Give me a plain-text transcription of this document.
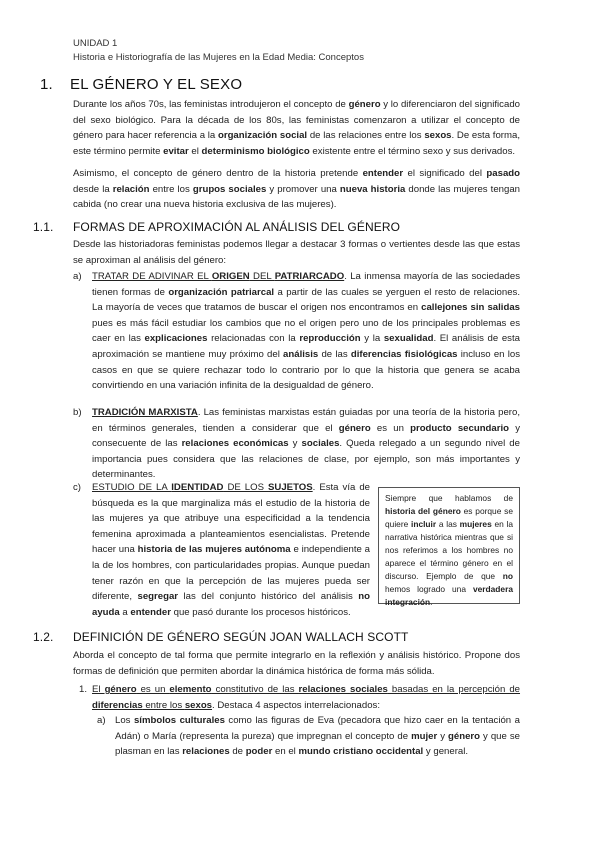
UNIDAD 1
Historia e Historiografía de las Mujeres en la Edad Media: Conceptos
1. EL GÉNERO Y EL SEXO
Durante los años 70s, las feministas introdujeron el concepto de género y lo diferenciaron del significado del sexo biológico. Para la década de los 80s, las feministas comenzaron a utilizar el concepto de género para hacer referencia a la organización social de las relaciones entre los sexos. De esta forma, este término permite evitar el determinismo biológico existente entre el término sexo y sus derivados.
Asimismo, el concepto de género dentro de la historia pretende entender el significado del pasado desde la relación entre los grupos sociales y promover una nueva historia donde las mujeres tengan cabida (no crear una nueva historia exclusiva de las mujeres).
1.1. FORMAS DE APROXIMACIÓN AL ANÁLISIS DEL GÉNERO
Desde las historiadoras feministas podemos llegar a destacar 3 formas o vertientes desde las que estas se aproximan al análisis del género:
a) TRATAR DE ADIVINAR EL ORIGEN DEL PATRIARCADO. La inmensa mayoría de las sociedades tienen formas de organización patriarcal a partir de las cuales se yerguen el resto de relaciones. La mayoría de veces que tratamos de buscar el origen nos encontramos en callejones sin salidas pues es más fácil estudiar los cambios que no el origen pero uno de los principales problemas es caer en las explicaciones relacionadas con la reproducción y la sexualidad. El análisis de esta aproximación se mantiene muy próximo del análisis de las diferencias fisiológicas incluso en los casos en que se quiere rechazar todo lo contrario por lo que la historia que genera se acaba convirtiendo en una variación infinita de la desigualdad de género.
b) TRADICIÓN MARXISTA. Las feministas marxistas están guiadas por una teoría de la historia pero, en términos generales, tienden a considerar que el género es un producto secundario y consecuente de las relaciones económicas y sociales. Queda relegado a un segundo nivel de importancia pues considera que las relaciones de clase, por ejemplo, son más importantes y determinantes.
c) ESTUDIO DE LA IDENTIDAD DE LOS SUJETOS. Esta vía de búsqueda es la que marginaliza más el estudio de la historia de las mujeres ya que atribuye una especificidad a la tendencia femenina aproximada a planteamientos esencialistas. Pretende hacer una historia de las mujeres autónoma e independiente a la de los hombres, con particularidades propias. Aunque puedan tener razón en que la percepción de las mujeres pueda ser diferente, segregar las del conjunto histórico del análisis no ayuda a entender que pasó durante los procesos históricos.
Siempre que hablamos de historia del género es porque se quiere incluir a las mujeres en la narrativa histórica mientras que si nos referimos a los hombres no aparece el término género en el discurso. Ejemplo de que no hemos logrado una verdadera integración.
1.2. DEFINICIÓN DE GÉNERO SEGÚN JOAN WALLACH SCOTT
Aborda el concepto de tal forma que permite integrarlo en la reflexión y análisis histórico. Propone dos formas de definición que permiten abordar la dinámica histórica de forma más sólida.
1. El género es un elemento constitutivo de las relaciones sociales basadas en la percepción de diferencias entre los sexos. Destaca 4 aspectos interrelacionados:
a) Los símbolos culturales como las figuras de Eva (pecadora que hizo caer en la tentación a Adán) o María (representa la pureza) que impregnan el concepto de mujer y género y que se plasman en las relaciones de poder en el mundo cristiano occidental y general.
